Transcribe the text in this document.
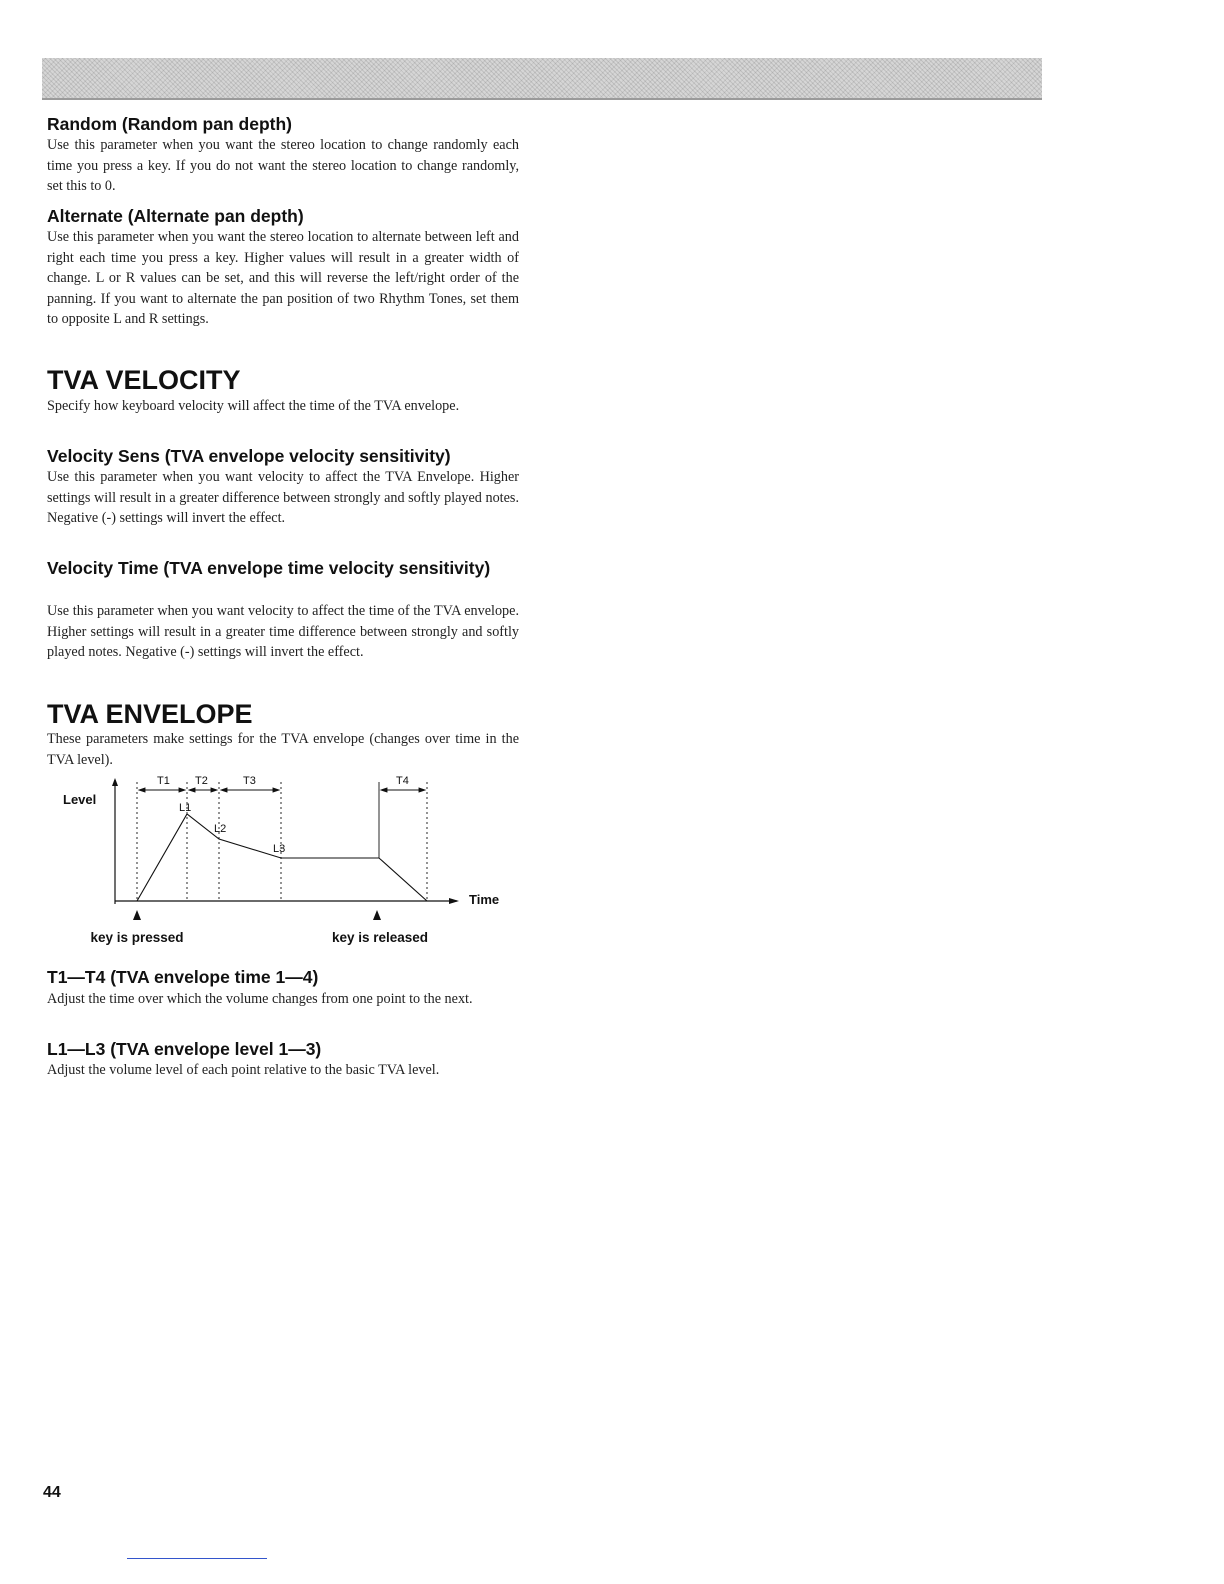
Random (Random pan depth)
Use this parameter when you want the stereo location to change randomly each time you press a key. If you do not want the stereo location to change randomly, set this to 0.
Alternate (Alternate pan depth)
Use this parameter when you want the stereo location to alternate between left and right each time you press a key. Higher values will result in a greater width of change. L or R values can be set, and this will reverse the left/right order of the panning. If you want to alternate the pan position of two Rhythm Tones, set them to opposite L and R settings.
TVA VELOCITY
Specify how keyboard velocity will affect the time of the TVA envelope.
Velocity Sens (TVA envelope velocity sensitivity)
Use this parameter when you want velocity to affect the TVA Envelope. Higher settings will result in a greater difference between strongly and softly played notes. Negative (-) settings will invert the effect.
Velocity Time (TVA envelope time velocity sensitivity)
Use this parameter when you want velocity to affect the time of the TVA envelope. Higher settings will result in a greater time difference between strongly and softly played notes. Negative (-) settings will invert the effect.
TVA ENVELOPE
These parameters make settings for the TVA envelope (changes over time in the TVA level).
Level
Time
T1 T2	T3	T4
L1
L2
L3
key is pressed	key is released
T1—T4 (TVA envelope time 1—4)
Adjust the time over which the volume changes from one point to the next.
L1—L3 (TVA envelope level 1—3)
Adjust the volume level of each point relative to the basic TVA level.
44
